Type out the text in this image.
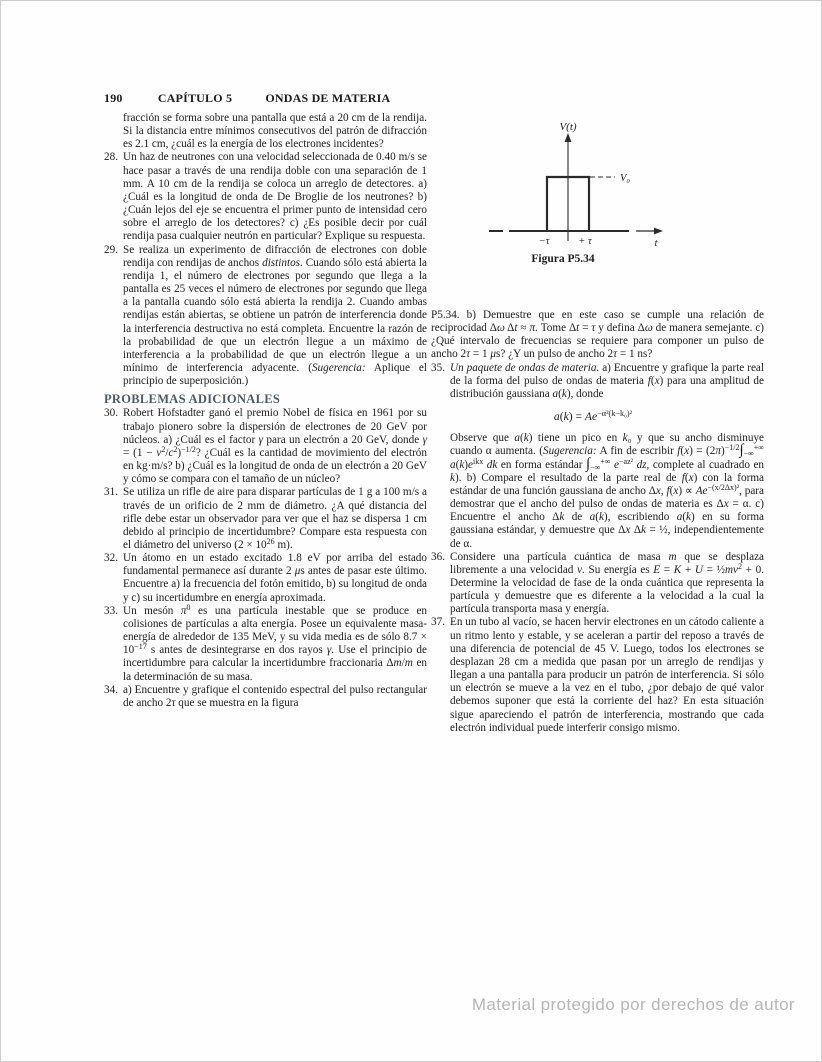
190	CAPÍTULO 5	ONDAS DE MATERIA
fracción se forma sobre una pantalla que está a 20 cm de la rendija. Si la distancia entre mínimos consecutivos del patrón de difracción es 2.1 cm, ¿cuál es la energía de los electrones incidentes?
28. Un haz de neutrones con una velocidad seleccionada de 0.40 m/s se hace pasar a través de una rendija doble con una separación de 1 mm. A 10 cm de la rendija se coloca un arreglo de detectores. a) ¿Cuál es la longitud de onda de De Broglie de los neutrones? b) ¿Cuán lejos del eje se encuentra el primer punto de intensidad cero sobre el arreglo de los detectores? c) ¿Es posible decir por cuál rendija pasa cualquier neutrón en particular? Explique su respuesta.
29. Se realiza un experimento de difracción de electrones con doble rendija con rendijas de anchos distintos. Cuando sólo está abierta la rendija 1, el número de electrones por segundo que llega a la pantalla es 25 veces el número de electrones por segundo que llega a la pantalla cuando sólo está abierta la rendija 2. Cuando ambas rendijas están abiertas, se obtiene un patrón de interferencia donde la interferencia destructiva no está completa. Encuentre la razón de la probabilidad de que un electrón llegue a un máximo de interferencia a la probabilidad de que un electrón llegue a un mínimo de interferencia adyacente. (Sugerencia: Aplique el principio de superposición.)
PROBLEMAS ADICIONALES
30. Robert Hofstadter ganó el premio Nobel de física en 1961 por su trabajo pionero sobre la dispersión de electrones de 20 GeV por núcleos. a) ¿Cuál es el factor γ para un electrón a 20 GeV, donde $\gamma = (1 - v^2/c^2)^{-1/2}$? ¿Cuál es la cantidad de movimiento del electrón en kg·m/s? b) ¿Cuál es la longitud de onda de un electrón a 20 GeV y cómo se compara con el tamaño de un núcleo?
31. Se utiliza un rifle de aire para disparar partículas de 1 g a 100 m/s a través de un orificio de 2 mm de diámetro. ¿A qué distancia del rifle debe estar un observador para ver que el haz se dispersa 1 cm debido al principio de incertidumbre? Compare esta respuesta con el diámetro del universo ($2 \times 10^{26}$ m).
32. Un átomo en un estado excitado 1.8 eV por arriba del estado fundamental permanece así durante 2 μs antes de pasar este último. Encuentre a) la frecuencia del fotón emitido, b) su longitud de onda y c) su incertidumbre en energía aproximada.
33. Un mesón $\pi^0$ es una partícula inestable que se produce en colisiones de partículas a alta energía. Posee un equivalente masa-energía de alrededor de 135 MeV, y su vida media es de sólo $8.7 \times 10^{-17}$ s antes de desintegrarse en dos rayos γ. Use el principio de incertidumbre para calcular la incertidumbre fraccionaria Δm/m en la determinación de su masa.
34. a) Encuentre y grafique el contenido espectral del pulso rectangular de ancho 2τ que se muestra en la figura
V(t)
V₀
−τ	+ τ	t
Figura P5.34
P5.34. b) Demuestre que en este caso se cumple una relación de reciprocidad Δω Δt ≈ π. Tome Δt = τ y defina Δω de manera semejante. c) ¿Qué intervalo de frecuencias se requiere para componer un pulso de ancho 2τ = 1 μs? ¿Y un pulso de ancho 2τ = 1 ns?
35. Un paquete de ondas de materia. a) Encuentre y grafique la parte real de la forma del pulso de ondas de materia f(x) para una amplitud de distribución gaussiana a(k), donde
$a(k) = Ae^{-\alpha^2(k-k_0)^2}$
Observe que a(k) tiene un pico en k₀ y que su ancho disminuye cuando α aumenta. (Sugerencia: A fin de escribir $f(x) = (2\pi)^{-1/2}\int_{-\infty}^{+\infty}$ $a(k)e^{ikx}$ dk en forma estándar $\int_{-\infty}^{+\infty}$ $e^{-az^2}$ dz, complete al cuadrado en k). b) Compare el resultado de la parte real de f(x) con la forma estándar de una función gaussiana de ancho Δx, $f(x) \propto Ae^{-(x/2\Delta x)^2}$, para demostrar que el ancho del pulso de ondas de materia es Δx = α. c) Encuentre el ancho Δk de a(k), escribiendo a(k) en su forma gaussiana estándar, y demuestre que Δx Δk = ½, independientemente de α.
36. Considere una partícula cuántica de masa m que se desplaza libremente a una velocidad v. Su energía es $E = K + U = \frac{1}{2}mv^2 + 0$. Determine la velocidad de fase de la onda cuántica que representa la partícula y demuestre que es diferente a la velocidad a la cual la partícula transporta masa y energía.
37. En un tubo al vacío, se hacen hervir electrones en un cátodo caliente a un ritmo lento y estable, y se aceleran a partir del reposo a través de una diferencia de potencial de 45 V. Luego, todos los electrones se desplazan 28 cm a medida que pasan por un arreglo de rendijas y llegan a una pantalla para producir un patrón de interferencia. Si sólo un electrón se mueve a la vez en el tubo, ¿por debajo de qué valor debemos suponer que está la corriente del haz? En esta situación sigue apareciendo el patrón de interferencia, mostrando que cada electrón individual puede interferir consigo mismo.
Material protegido por derechos de autor
